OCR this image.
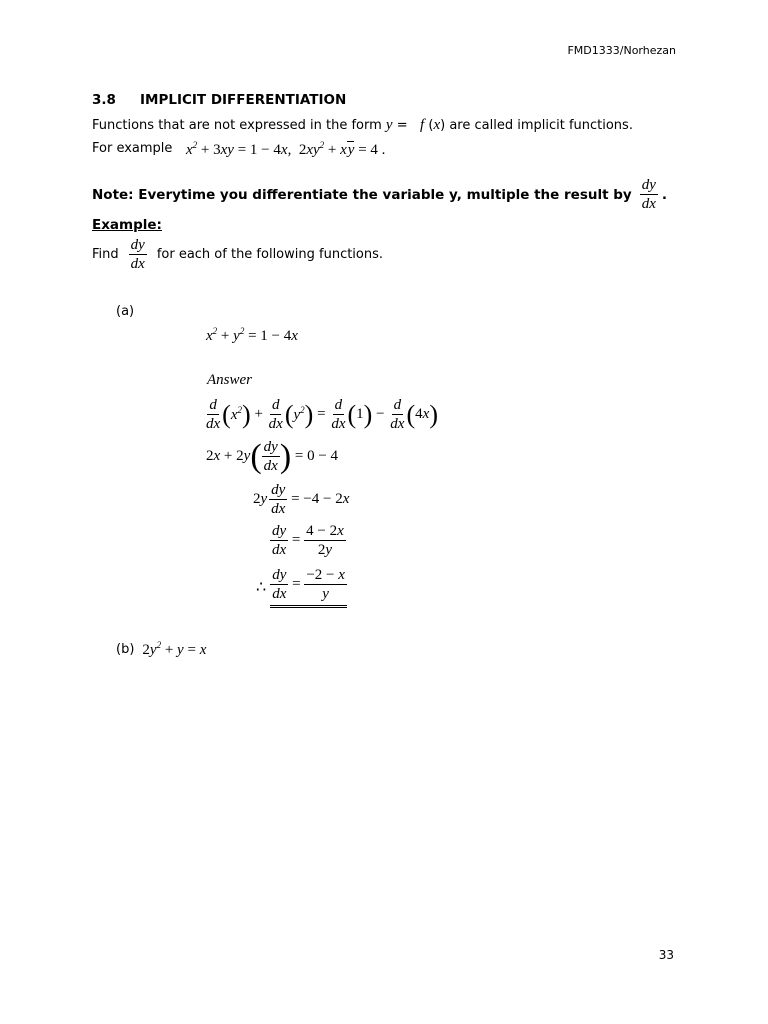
FMD1333/Norhezan
3.8 IMPLICIT DIFFERENTIATION
Functions that are not expressed in the form y = f (x) are called implicit functions.
For example $x^2 + 3xy = 1 - 4x$,  $2xy^2$ + xy = 4 .
Note: Everytime you differentiate the variable y, multiple the result by $\frac{dy}{dx}$ .
Example:
Find $\frac{dy}{dx}$ for each of the following functions.
(a)
$x^2 + y^2 = 1 - 4x$
Answer
$\frac{d}{dx}$ ( $x^2$ ) + $\frac{d}{dx}$ ( $y^2$ ) = $\frac{d}{dx}$ ( 1 ) − $\frac{d}{dx}$ ( 4x )
2x + 2y ( $\frac{dy}{dx}$ ) = 0 − 4
$2y \frac{dy}{dx} = -4 - 2$ x
$\frac{dy}{dx} = \frac{4 - 2x}{2y}$
∴ $\frac{dy}{dx} = \frac{-2 - x}{y}$
(b) $2y^2 + y = x$
33
